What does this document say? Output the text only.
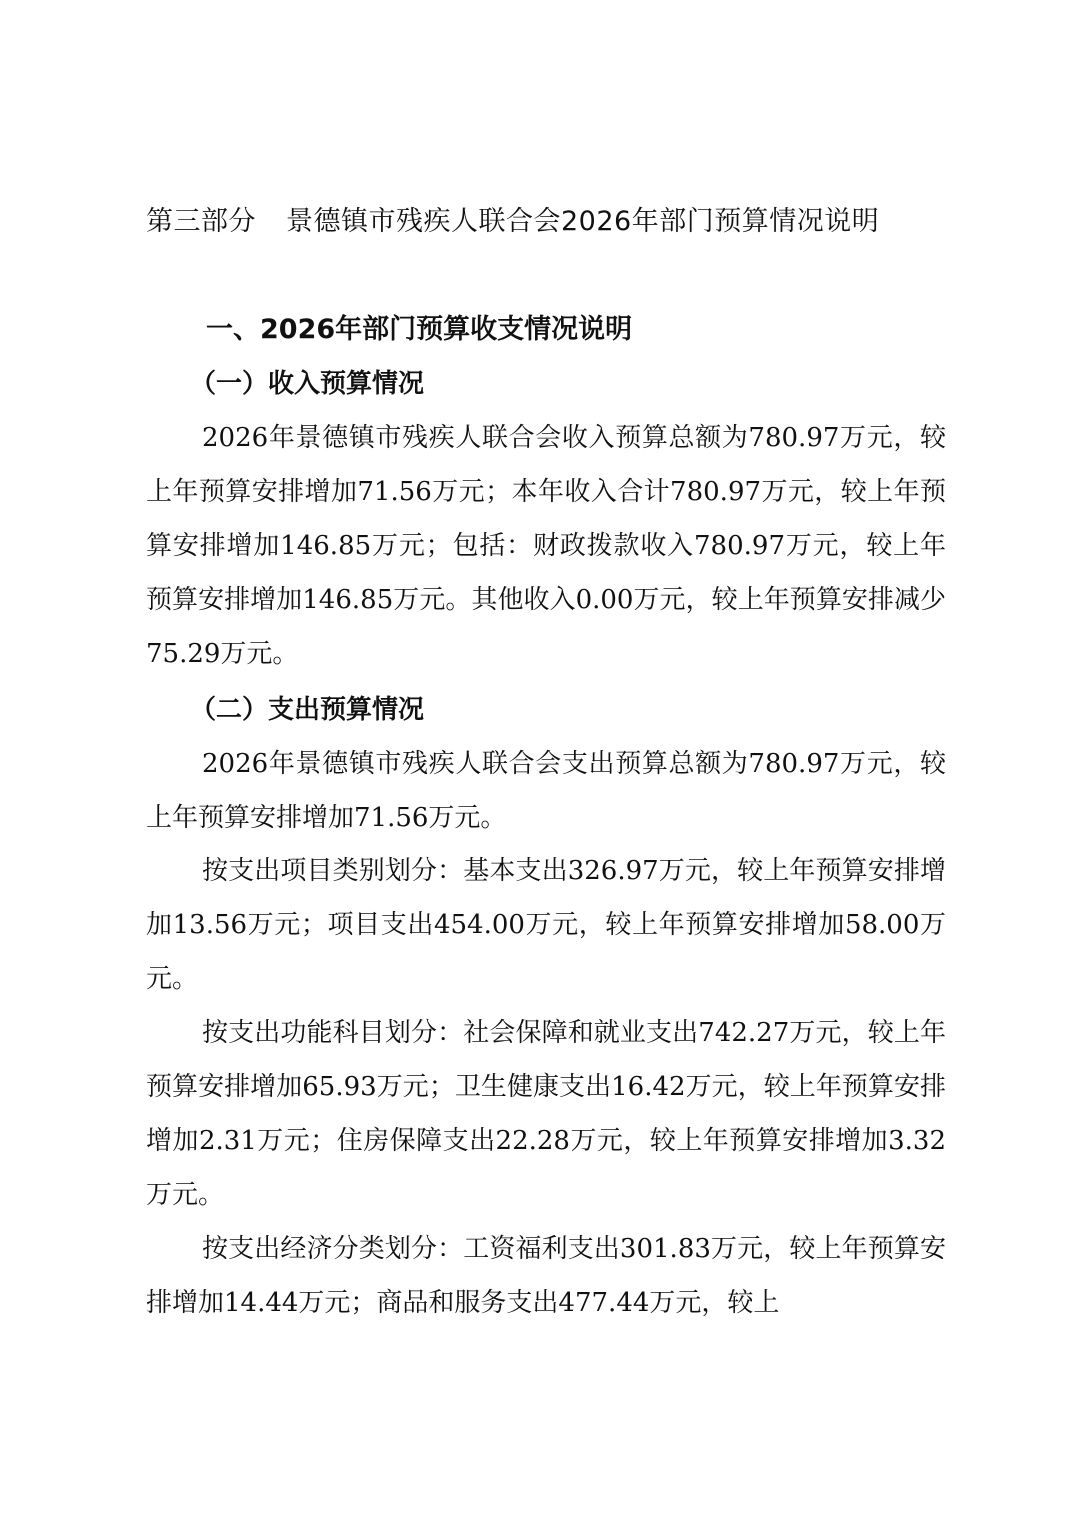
第三部分 景德镇市残疾人联合会2026年部门预算情况说明
一、2026年部门预算收支情况说明
（一）收入预算情况

2026年景德镇市残疾人联合会收入预算总额为780.97万元，较上年预算安排增加71.56万元；本年收入合计780.97万元，较上年预算安排增加146.85万元；包括：财政拨款收入780.97万元，较上年预算安排增加146.85万元。其他收入0.00万元，较上年预算安排减少75.29万元。

（二）支出预算情况

2026年景德镇市残疾人联合会支出预算总额为780.97万元，较上年预算安排增加71.56万元。

按支出项目类别划分：基本支出326.97万元，较上年预算安排增加13.56万元；项目支出454.00万元，较上年预算安排增加58.00万元。

按支出功能科目划分：社会保障和就业支出742.27万元，较上年预算安排增加65.93万元；卫生健康支出16.42万元，较上年预算安排增加2.31万元；住房保障支出22.28万元，较上年预算安排增加3.32万元。

按支出经济分类划分：工资福利支出301.83万元，较上年预算安排增加14.44万元；商品和服务支出477.44万元，较上
